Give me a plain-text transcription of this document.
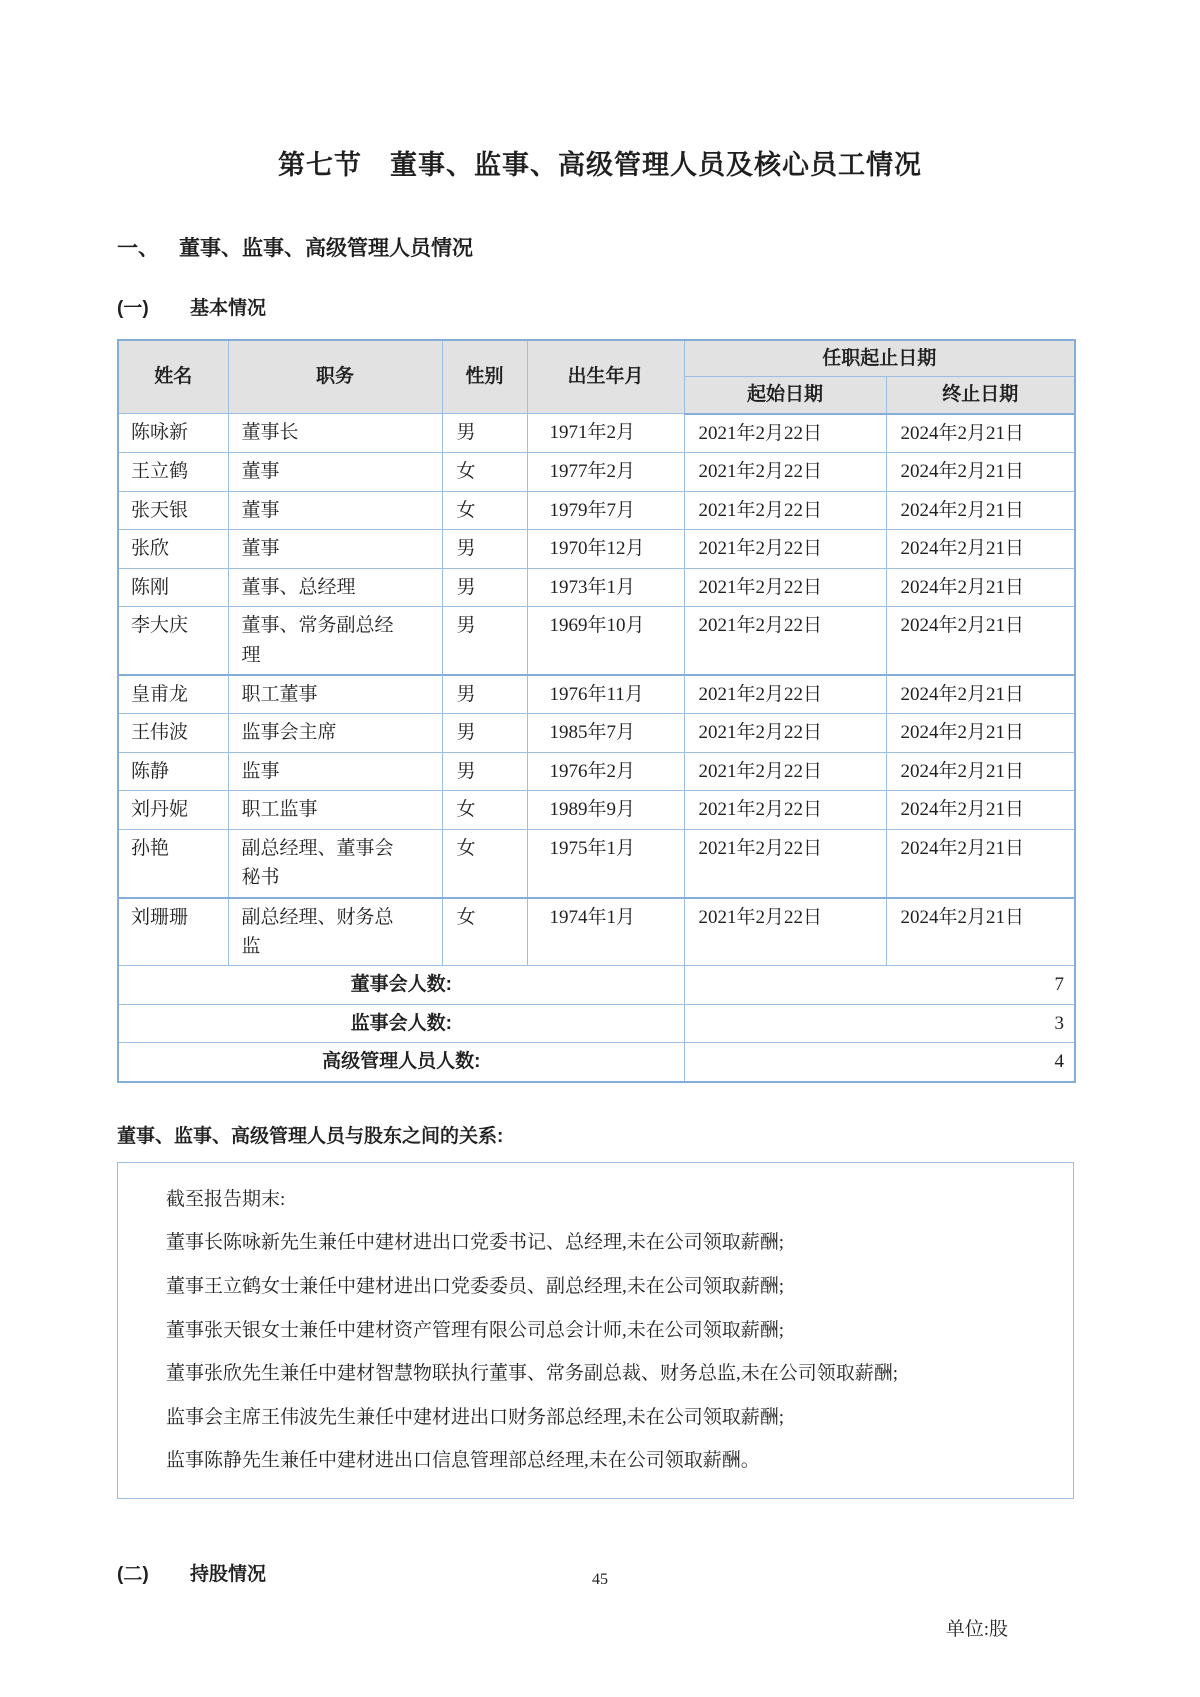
第七节 董事、监事、高级管理人员及核心员工情况
一、 董事、监事、高级管理人员情况
(一) 基本情况
姓名	职务	性别	出生年月	任职起止日期	
				起始日期	终止日期
陈咏新	董事长	男	1971年2月	2021年2月22日	2024年2月21日
王立鹤	董事	女	1977年2月	2021年2月22日	2024年2月21日
张天银	董事	女	1979年7月	2021年2月22日	2024年2月21日
张欣	董事	男	1970年12月	2021年2月22日	2024年2月21日
陈刚	董事、总经理	男	1973年1月	2021年2月22日	2024年2月21日
李大庆	董事、常务副总经理	男	1969年10月	2021年2月22日	2024年2月21日
皇甫龙	职工董事	男	1976年11月	2021年2月22日	2024年2月21日
王伟波	监事会主席	男	1985年7月	2021年2月22日	2024年2月21日
陈静	监事	男	1976年2月	2021年2月22日	2024年2月21日
刘丹妮	职工监事	女	1989年9月	2021年2月22日	2024年2月21日
孙艳	副总经理、董事会秘书	女	1975年1月	2021年2月22日	2024年2月21日
刘珊珊	副总经理、财务总监	女	1974年1月	2021年2月22日	2024年2月21日
董事会人数:				7	
监事会人数:				3	
高级管理人员人数:				4	
董事、监事、高级管理人员与股东之间的关系:

截至报告期末:

董事长陈咏新先生兼任中建材进出口党委书记、总经理,未在公司领取薪酬;

董事王立鹤女士兼任中建材进出口党委委员、副总经理,未在公司领取薪酬;

董事张天银女士兼任中建材资产管理有限公司总会计师,未在公司领取薪酬;

董事张欣先生兼任中建材智慧物联执行董事、常务副总裁、财务总监,未在公司领取薪酬;

监事会主席王伟波先生兼任中建材进出口财务部总经理,未在公司领取薪酬;

监事陈静先生兼任中建材进出口信息管理部总经理,未在公司领取薪酬。

(二) 持股情况
单位:股
45
